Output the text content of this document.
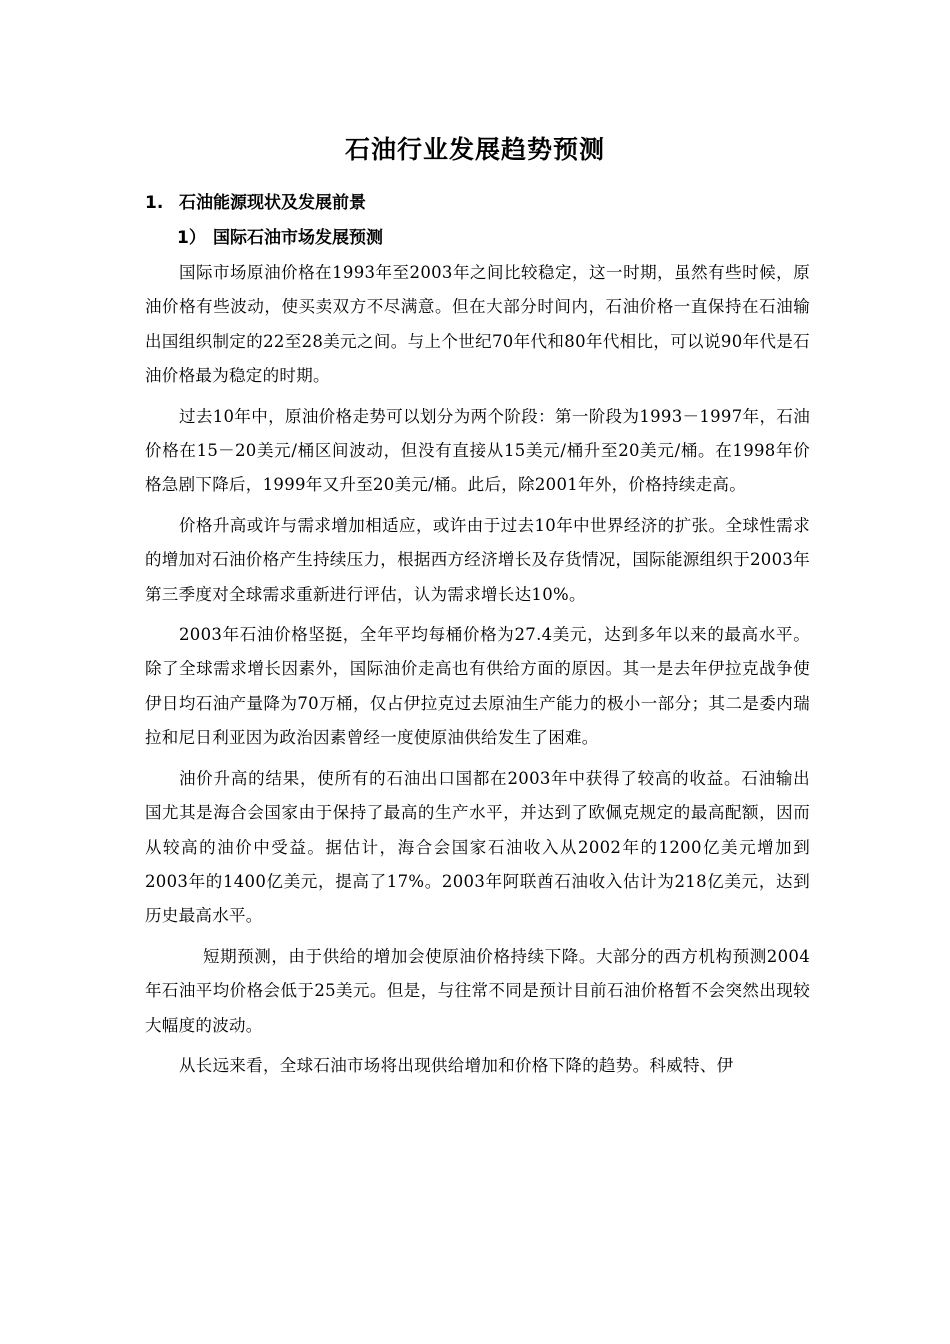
石油行业发展趋势预测
1. 石油能源现状及发展前景
1） 国际石油市场发展预测

国际市场原油价格在1993年至2003年之间比较稳定，这一时期，虽然有些时候，原油价格有些波动，使买卖双方不尽满意。但在大部分时间内，石油价格一直保持在石油输出国组织制定的22至28美元之间。与上个世纪70年代和80年代相比，可以说90年代是石油价格最为稳定的时期。

过去10年中，原油价格走势可以划分为两个阶段：第一阶段为1993－1997年，石油价格在15－20美元/桶区间波动，但没有直接从15美元/桶升至20美元/桶。在1998年价格急剧下降后，1999年又升至20美元/桶。此后，除2001年外，价格持续走高。

价格升高或许与需求增加相适应，或许由于过去10年中世界经济的扩张。全球性需求的增加对石油价格产生持续压力，根据西方经济增长及存货情况，国际能源组织于2003年第三季度对全球需求重新进行评估，认为需求增长达10%。

2003年石油价格坚挺，全年平均每桶价格为27.4美元，达到多年以来的最高水平。除了全球需求增长因素外，国际油价走高也有供给方面的原因。其一是去年伊拉克战争使伊日均石油产量降为70万桶，仅占伊拉克过去原油生产能力的极小一部分；其二是委内瑞拉和尼日利亚因为政治因素曾经一度使原油供给发生了困难。

油价升高的结果，使所有的石油出口国都在2003年中获得了较高的收益。石油输出国尤其是海合会国家由于保持了最高的生产水平，并达到了欧佩克规定的最高配额，因而从较高的油价中受益。据估计，海合会国家石油收入从2002年的1200亿美元增加到2003年的1400亿美元，提高了17%。2003年阿联酋石油收入估计为218亿美元，达到历史最高水平。

短期预测，由于供给的增加会使原油价格持续下降。大部分的西方机构预测2004年石油平均价格会低于25美元。但是，与往常不同是预计目前石油价格暂不会突然出现较大幅度的波动。

从长远来看，全球石油市场将出现供给增加和价格下降的趋势。科威特、伊
